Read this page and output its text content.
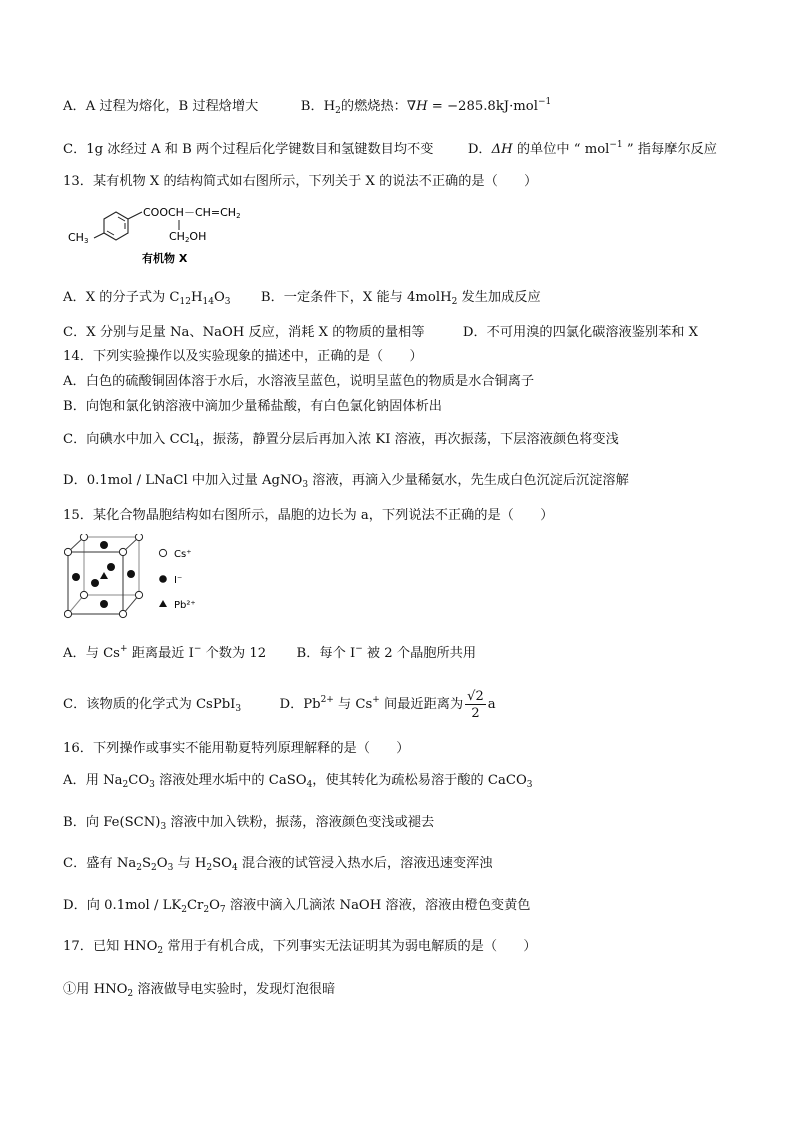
A．A 过程为熔化，B 过程焓增大	B．$H_2$的燃烧热：∇H = −285.8kJ·mol$^{-1}$
C．1g 冰经过 A 和 B 两个过程后化学键数目和氢键数目均不变	D．ΔH 的单位中 “ mol$^{-1}$ ” 指每摩尔反应
13．某有机物 X 的结构简式如右图所示，下列关于 X 的说法不正确的是（　　）
COOCH－CH=CH2
CH2OH
CH3
有机物 X
A．X 的分子式为 $C_{12}H_{14}O_3$ B．一定条件下，X 能与 4molH$_2$ 发生加成反应
C．X 分别与足量 Na、NaOH 反应，消耗 X 的物质的量相等	D．不可用溴的四氯化碳溶液鉴别苯和 X
14．下列实验操作以及实验现象的描述中，正确的是（　　）
A．白色的硫酸铜固体溶于水后，水溶液呈蓝色，说明呈蓝色的物质是水合铜离子
B．向饱和氯化钠溶液中滴加少量稀盐酸，有白色氯化钠固体析出
C．向碘水中加入 CCl$_4$，振荡，静置分层后再加入浓 KI 溶液，再次振荡，下层溶液颜色将变浅
D．0.1mol / LNaCl 中加入过量 AgNO$_3$ 溶液，再滴入少量稀氨水，先生成白色沉淀后沉淀溶解
15．某化合物晶胞结构如右图所示，晶胞的边长为 a，下列说法不正确的是（　　）
Cs⁺
I⁻
Pb²⁺
A．与 Cs+ 距离最近 I− 个数为 12 B．每个 I− 被 2 个晶胞所共用
C．该物质的化学式为 CsPbI$_3$	D．$Pb^{2+}$ 与 Cs+ 间最近距离为 $\frac{√2}{2}$ a
16．下列操作或事实不能用勒夏特列原理解释的是（　　）
A．用 $Na_2CO_3$ 溶液处理水垢中的 CaSO$_4$，使其转化为疏松易溶于酸的 CaCO$_3$
B．向 $Fe(SCN)_3$ 溶液中加入铁粉，振荡，溶液颜色变浅或褪去
C．盛有 $Na_2S_2O_3$ 与 $H_2SO_4$ 混合液的试管浸入热水后，溶液迅速变浑浊
D．向 $0.1mol / LK_2Cr_2O_7$ 溶液中滴入几滴浓 NaOH 溶液，溶液由橙色变黄色
17．已知 $HNO_2$ 常用于有机合成，下列事实无法证明其为弱电解质的是（　　）
①用 $HNO_2$ 溶液做导电实验时，发现灯泡很暗
